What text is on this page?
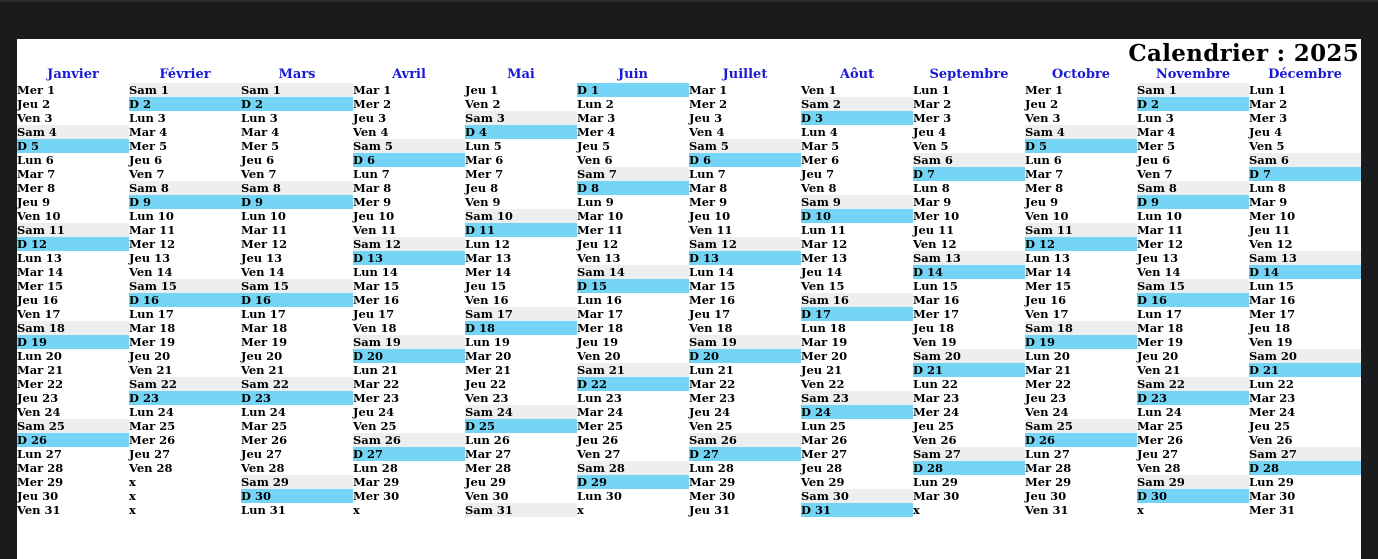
Calendrier : 2025
Janvier
Mer 1
Jeu 2
Ven 3
Sam 4
D 5
Lun 6
Mar 7
Mer 8
Jeu 9
Ven 10
Sam 11
D 12
Lun 13
Mar 14
Mer 15
Jeu 16
Ven 17
Sam 18
D 19
Lun 20
Mar 21
Mer 22
Jeu 23
Ven 24
Sam 25
D 26
Lun 27
Mar 28
Mer 29
Jeu 30
Ven 31
Février
Sam 1
D 2
Lun 3
Mar 4
Mer 5
Jeu 6
Ven 7
Sam 8
D 9
Lun 10
Mar 11
Mer 12
Jeu 13
Ven 14
Sam 15
D 16
Lun 17
Mar 18
Mer 19
Jeu 20
Ven 21
Sam 22
D 23
Lun 24
Mar 25
Mer 26
Jeu 27
Ven 28
x
x
x
Mars
Sam 1
D 2
Lun 3
Mar 4
Mer 5
Jeu 6
Ven 7
Sam 8
D 9
Lun 10
Mar 11
Mer 12
Jeu 13
Ven 14
Sam 15
D 16
Lun 17
Mar 18
Mer 19
Jeu 20
Ven 21
Sam 22
D 23
Lun 24
Mar 25
Mer 26
Jeu 27
Ven 28
Sam 29
D 30
Lun 31
Avril
Mar 1
Mer 2
Jeu 3
Ven 4
Sam 5
D 6
Lun 7
Mar 8
Mer 9
Jeu 10
Ven 11
Sam 12
D 13
Lun 14
Mar 15
Mer 16
Jeu 17
Ven 18
Sam 19
D 20
Lun 21
Mar 22
Mer 23
Jeu 24
Ven 25
Sam 26
D 27
Lun 28
Mar 29
Mer 30
x
Mai
Jeu 1
Ven 2
Sam 3
D 4
Lun 5
Mar 6
Mer 7
Jeu 8
Ven 9
Sam 10
D 11
Lun 12
Mar 13
Mer 14
Jeu 15
Ven 16
Sam 17
D 18
Lun 19
Mar 20
Mer 21
Jeu 22
Ven 23
Sam 24
D 25
Lun 26
Mar 27
Mer 28
Jeu 29
Ven 30
Sam 31
Juin
D 1
Lun 2
Mar 3
Mer 4
Jeu 5
Ven 6
Sam 7
D 8
Lun 9
Mar 10
Mer 11
Jeu 12
Ven 13
Sam 14
D 15
Lun 16
Mar 17
Mer 18
Jeu 19
Ven 20
Sam 21
D 22
Lun 23
Mar 24
Mer 25
Jeu 26
Ven 27
Sam 28
D 29
Lun 30
x
Juillet
Mar 1
Mer 2
Jeu 3
Ven 4
Sam 5
D 6
Lun 7
Mar 8
Mer 9
Jeu 10
Ven 11
Sam 12
D 13
Lun 14
Mar 15
Mer 16
Jeu 17
Ven 18
Sam 19
D 20
Lun 21
Mar 22
Mer 23
Jeu 24
Ven 25
Sam 26
D 27
Lun 28
Mar 29
Mer 30
Jeu 31
Aôut
Ven 1
Sam 2
D 3
Lun 4
Mar 5
Mer 6
Jeu 7
Ven 8
Sam 9
D 10
Lun 11
Mar 12
Mer 13
Jeu 14
Ven 15
Sam 16
D 17
Lun 18
Mar 19
Mer 20
Jeu 21
Ven 22
Sam 23
D 24
Lun 25
Mar 26
Mer 27
Jeu 28
Ven 29
Sam 30
D 31
Septembre
Lun 1
Mar 2
Mer 3
Jeu 4
Ven 5
Sam 6
D 7
Lun 8
Mar 9
Mer 10
Jeu 11
Ven 12
Sam 13
D 14
Lun 15
Mar 16
Mer 17
Jeu 18
Ven 19
Sam 20
D 21
Lun 22
Mar 23
Mer 24
Jeu 25
Ven 26
Sam 27
D 28
Lun 29
Mar 30
x
Octobre
Mer 1
Jeu 2
Ven 3
Sam 4
D 5
Lun 6
Mar 7
Mer 8
Jeu 9
Ven 10
Sam 11
D 12
Lun 13
Mar 14
Mer 15
Jeu 16
Ven 17
Sam 18
D 19
Lun 20
Mar 21
Mer 22
Jeu 23
Ven 24
Sam 25
D 26
Lun 27
Mar 28
Mer 29
Jeu 30
Ven 31
Novembre
Sam 1
D 2
Lun 3
Mar 4
Mer 5
Jeu 6
Ven 7
Sam 8
D 9
Lun 10
Mar 11
Mer 12
Jeu 13
Ven 14
Sam 15
D 16
Lun 17
Mar 18
Mer 19
Jeu 20
Ven 21
Sam 22
D 23
Lun 24
Mar 25
Mer 26
Jeu 27
Ven 28
Sam 29
D 30
x
Décembre
Lun 1
Mar 2
Mer 3
Jeu 4
Ven 5
Sam 6
D 7
Lun 8
Mar 9
Mer 10
Jeu 11
Ven 12
Sam 13
D 14
Lun 15
Mar 16
Mer 17
Jeu 18
Ven 19
Sam 20
D 21
Lun 22
Mar 23
Mer 24
Jeu 25
Ven 26
Sam 27
D 28
Lun 29
Mar 30
Mer 31
